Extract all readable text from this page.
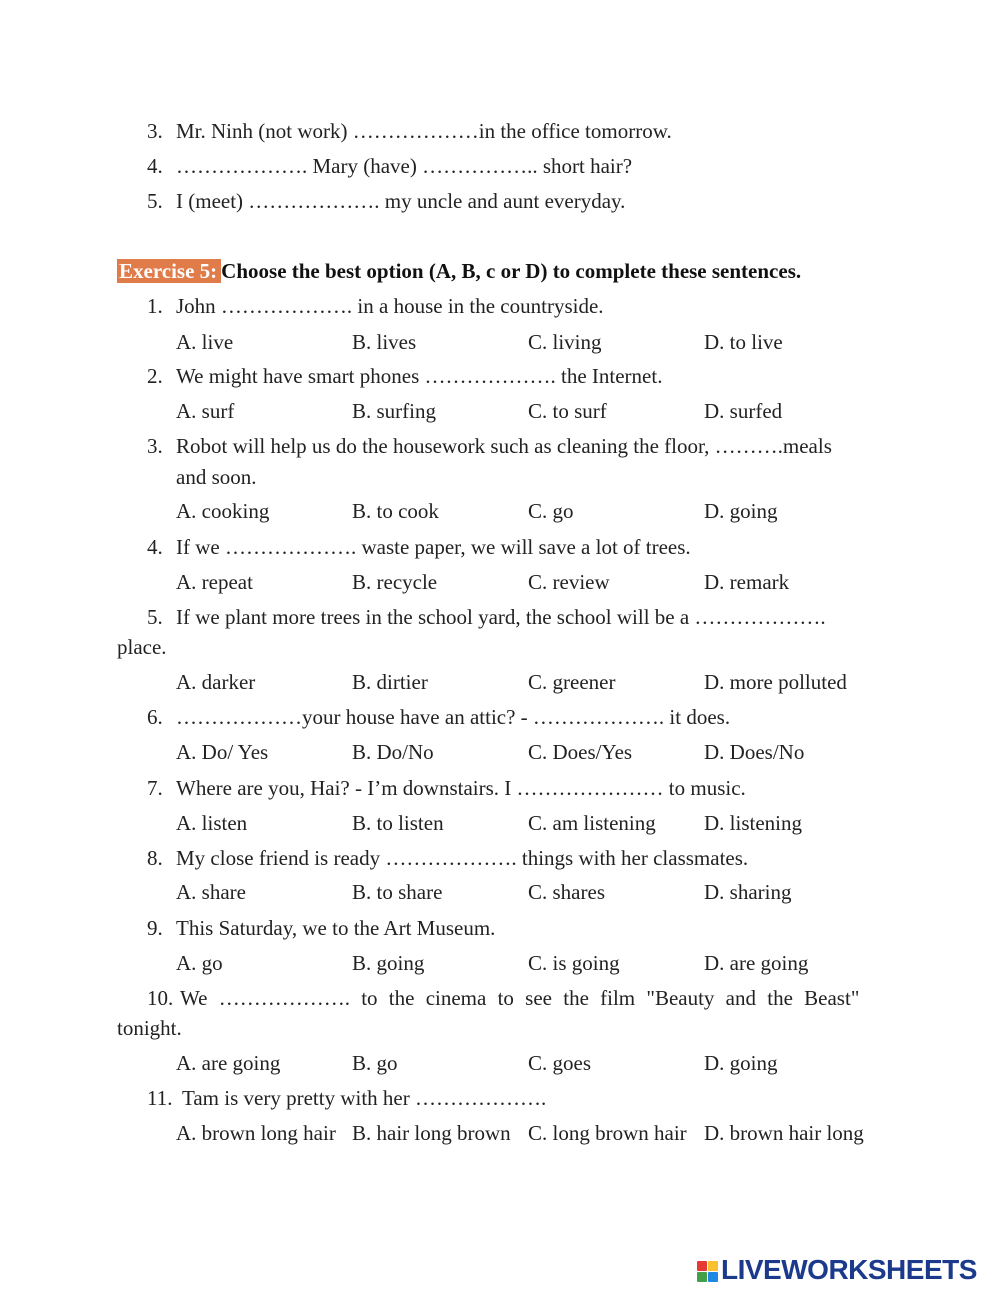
3. Mr. Ninh (not work) ………………in the office tomorrow.
4. ………………. Mary (have) …………….. short hair?
5. I (meet) ………………. my uncle and aunt everyday.
Exercise 5: Choose the best option (A, B, c or D) to complete these sentences.
1. John ………………. in a house in the countryside.
A. live	B. lives	C. living	D. to live
2. We might have smart phones ………………. the Internet.
A. surf	B. surfing	C. to surf	D. surfed
3. Robot will help us do the housework such as cleaning the floor, ……….meals
and soon.
A. cooking	B. to cook	C. go	D. going
4. If we ………………. waste paper, we will save a lot of trees.
A. repeat	B. recycle	C. review	D. remark
5. If we plant more trees in the school yard, the school will be a ……………….
place.
A. darker	B. dirtier	C. greener	D. more polluted
6. ………………your house have an attic? - ………………. it does.
A. Do/ Yes	B. Do/No	C. Does/Yes	D. Does/No
7. Where are you, Hai? - I’m downstairs. I ………………… to music.
A. listen	B. to listen	C. am listening D. listening
8. My close friend is ready ………………. things with her classmates.
A. share	B. to share	C. shares	D. sharing
9. This Saturday, we to the Art Museum.
A. go	B. going	C. is going	D. are going
10. We ………………. to the cinema to see the film "Beauty and the Beast"
tonight.
A. are going	B. go	C. goes	D. going
11. Tam is very pretty with her ……………….
A. brown long hair B. hair long brown C. long brown hair D. brown hair long
LIVEWORKSHEETS
